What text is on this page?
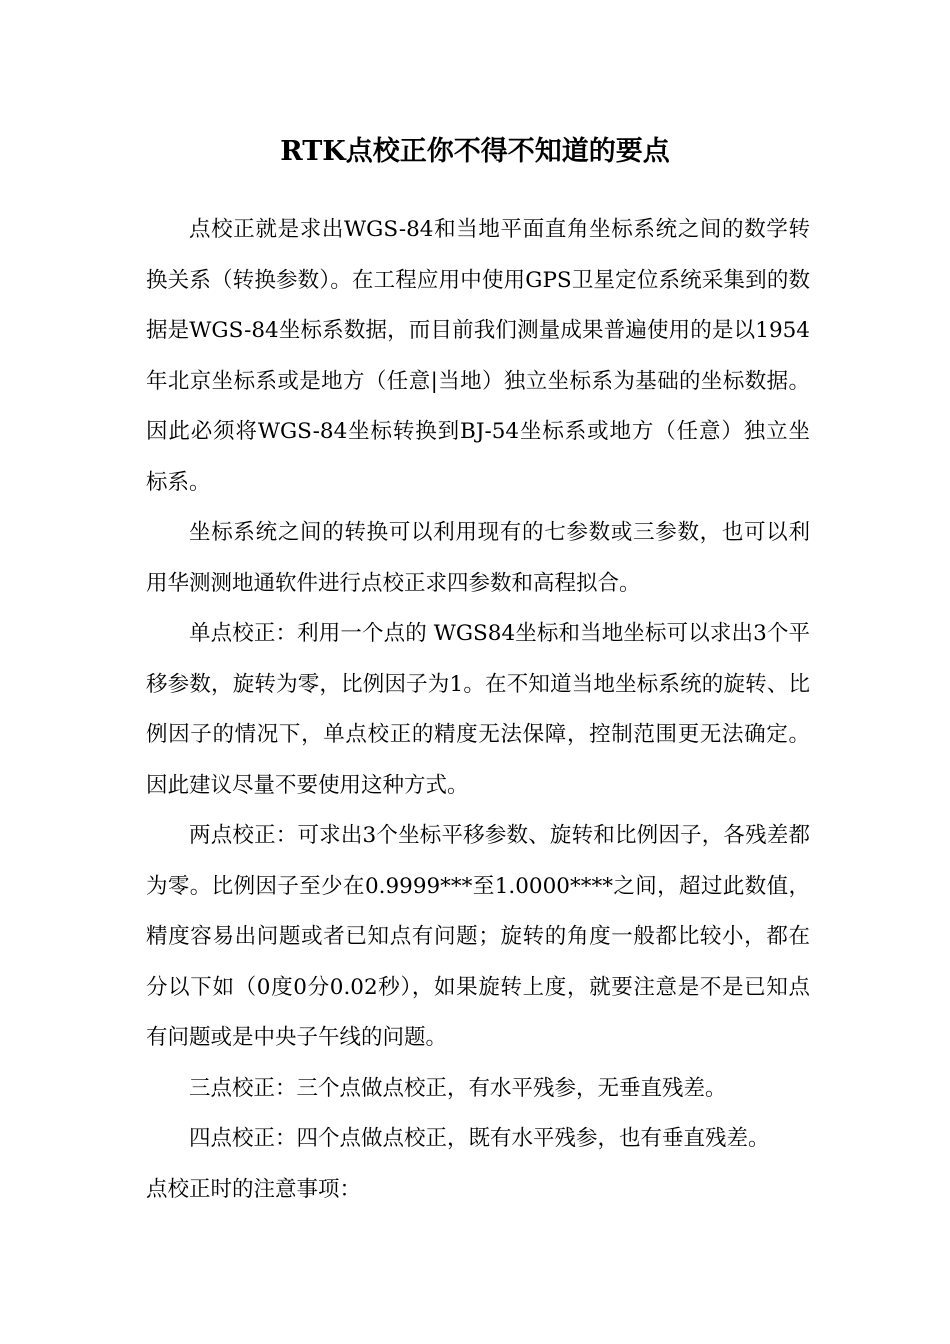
RTK点校正你不得不知道的要点

点校正就是求出WGS-84和当地平面直角坐标系统之间的数学转换关系（转换参数）。在工程应用中使用GPS卫星定位系统采集到的数据是WGS-84坐标系数据，而目前我们测量成果普遍使用的是以1954年北京坐标系或是地方（任意|当地）独立坐标系为基础的坐标数据。因此必须将WGS-84坐标转换到BJ-54坐标系或地方（任意）独立坐标系。

坐标系统之间的转换可以利用现有的七参数或三参数，也可以利用华测测地通软件进行点校正求四参数和高程拟合。

单点校正：利用一个点的 WGS84坐标和当地坐标可以求出3个平移参数，旋转为零，比例因子为1。在不知道当地坐标系统的旋转、比例因子的情况下，单点校正的精度无法保障，控制范围更无法确定。因此建议尽量不要使用这种方式。

两点校正：可求出3个坐标平移参数、旋转和比例因子，各残差都为零。比例因子至少在0.9999***至1.0000****之间，超过此数值，精度容易出问题或者已知点有问题；旋转的角度一般都比较小，都在分以下如（0度0分0.02秒），如果旋转上度，就要注意是不是已知点有问题或是中央子午线的问题。

三点校正：三个点做点校正，有水平残参，无垂直残差。

四点校正：四个点做点校正，既有水平残参，也有垂直残差。

点校正时的注意事项：
